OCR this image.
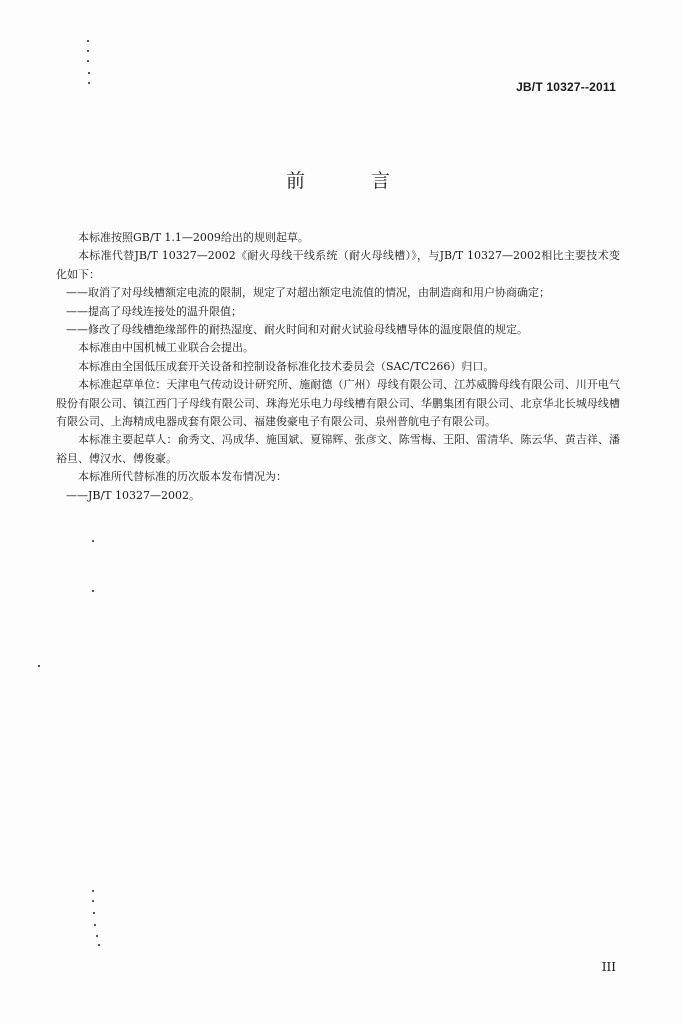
JB/T 10327--2011
前 言

本标准按照GB/T 1.1—2009给出的规则起草。

本标准代替JB/T 10327—2002《耐火母线干线系统（耐火母线槽）》，与JB/T 10327—2002相比主要技术变化如下：

——取消了对母线槽额定电流的限制，规定了对超出额定电流值的情况，由制造商和用户协商确定；

——提高了母线连接处的温升限值；

——修改了母线槽绝缘部件的耐热湿度、耐火时间和对耐火试验母线槽导体的温度限值的规定。

本标准由中国机械工业联合会提出。

本标准由全国低压成套开关设备和控制设备标准化技术委员会（SAC/TC266）归口。

本标准起草单位：天津电气传动设计研究所、施耐德（广州）母线有限公司、江苏威腾母线有限公司、川开电气股份有限公司、镇江西门子母线有限公司、珠海光乐电力母线槽有限公司、华鹏集团有限公司、北京华北长城母线槽有限公司、上海精成电器成套有限公司、福建俊豪电子有限公司、泉州普航电子有限公司。

本标准主要起草人：俞秀文、冯成华、施国斌、夏锦辉、张彦文、陈雪梅、王阳、雷清华、陈云华、黄吉祥、潘裕旦、傅汉水、傅俊豪。

本标准所代替标准的历次版本发布情况为：

——JB/T 10327—2002。

III
